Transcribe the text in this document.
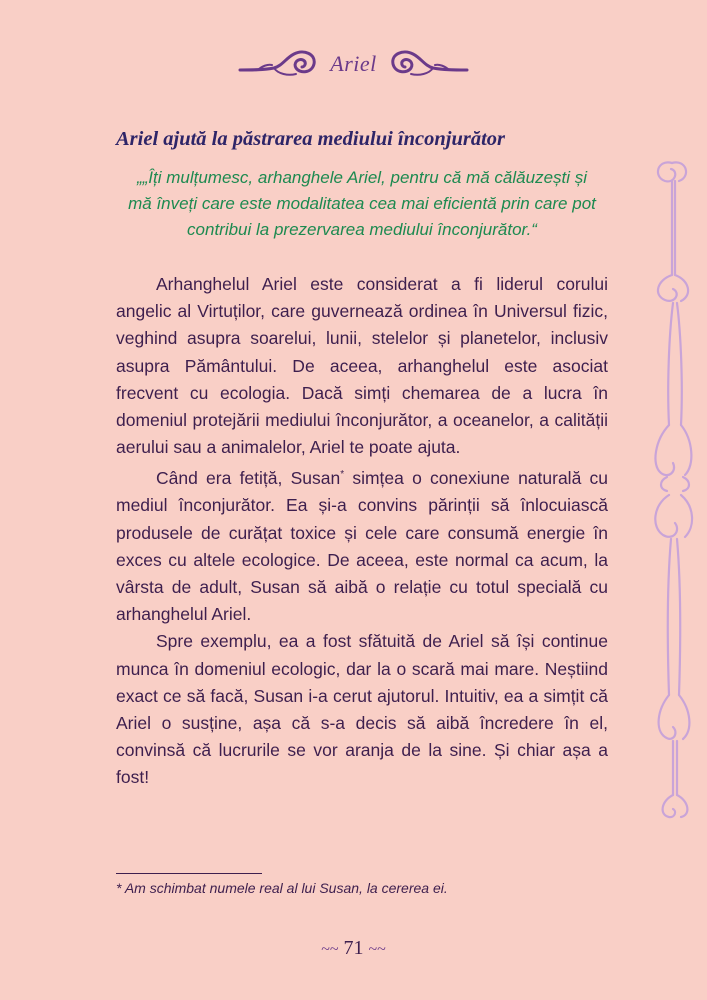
Ariel
Ariel ajută la păstrarea mediului înconjurător

„„Îți mulțumesc, arhanghele Ariel, pentru că mă călăuzești și mă înveți care este modalitatea cea mai eficientă prin care pot contribui la prezervarea mediului înconjurător.“

Arhanghelul Ariel este considerat a fi liderul corului angelic al Virtuților, care guvernează ordinea în Universul fizic, veghind asupra soarelui, lunii, stelelor și planetelor, inclusiv asupra Pământului. De aceea, arhanghelul este asociat frecvent cu ecologia. Dacă simți chemarea de a lucra în domeniul protejării mediului înconjurător, a oceanelor, a calității aerului sau a animalelor, Ariel te poate ajuta.

Când era fetiță, Susan* simțea o conexiune naturală cu mediul înconjurător. Ea și-a convins părinții să înlocuiască produsele de curățat toxice și cele care consumă energie în exces cu altele ecologice. De aceea, este normal ca acum, la vârsta de adult, Susan să aibă o relație cu totul specială cu arhanghelul Ariel.

Spre exemplu, ea a fost sfătuită de Ariel să își continue munca în domeniul ecologic, dar la o scară mai mare. Neștiind exact ce să facă, Susan i-a cerut ajutorul. Intuitiv, ea a simțit că Ariel o susține, așa că s-a decis să aibă încredere în el, convinsă că lucrurile se vor aranja de la sine. Și chiar așa a fost!

* Am schimbat numele real al lui Susan, la cererea ei.
~~ 71 ~~
